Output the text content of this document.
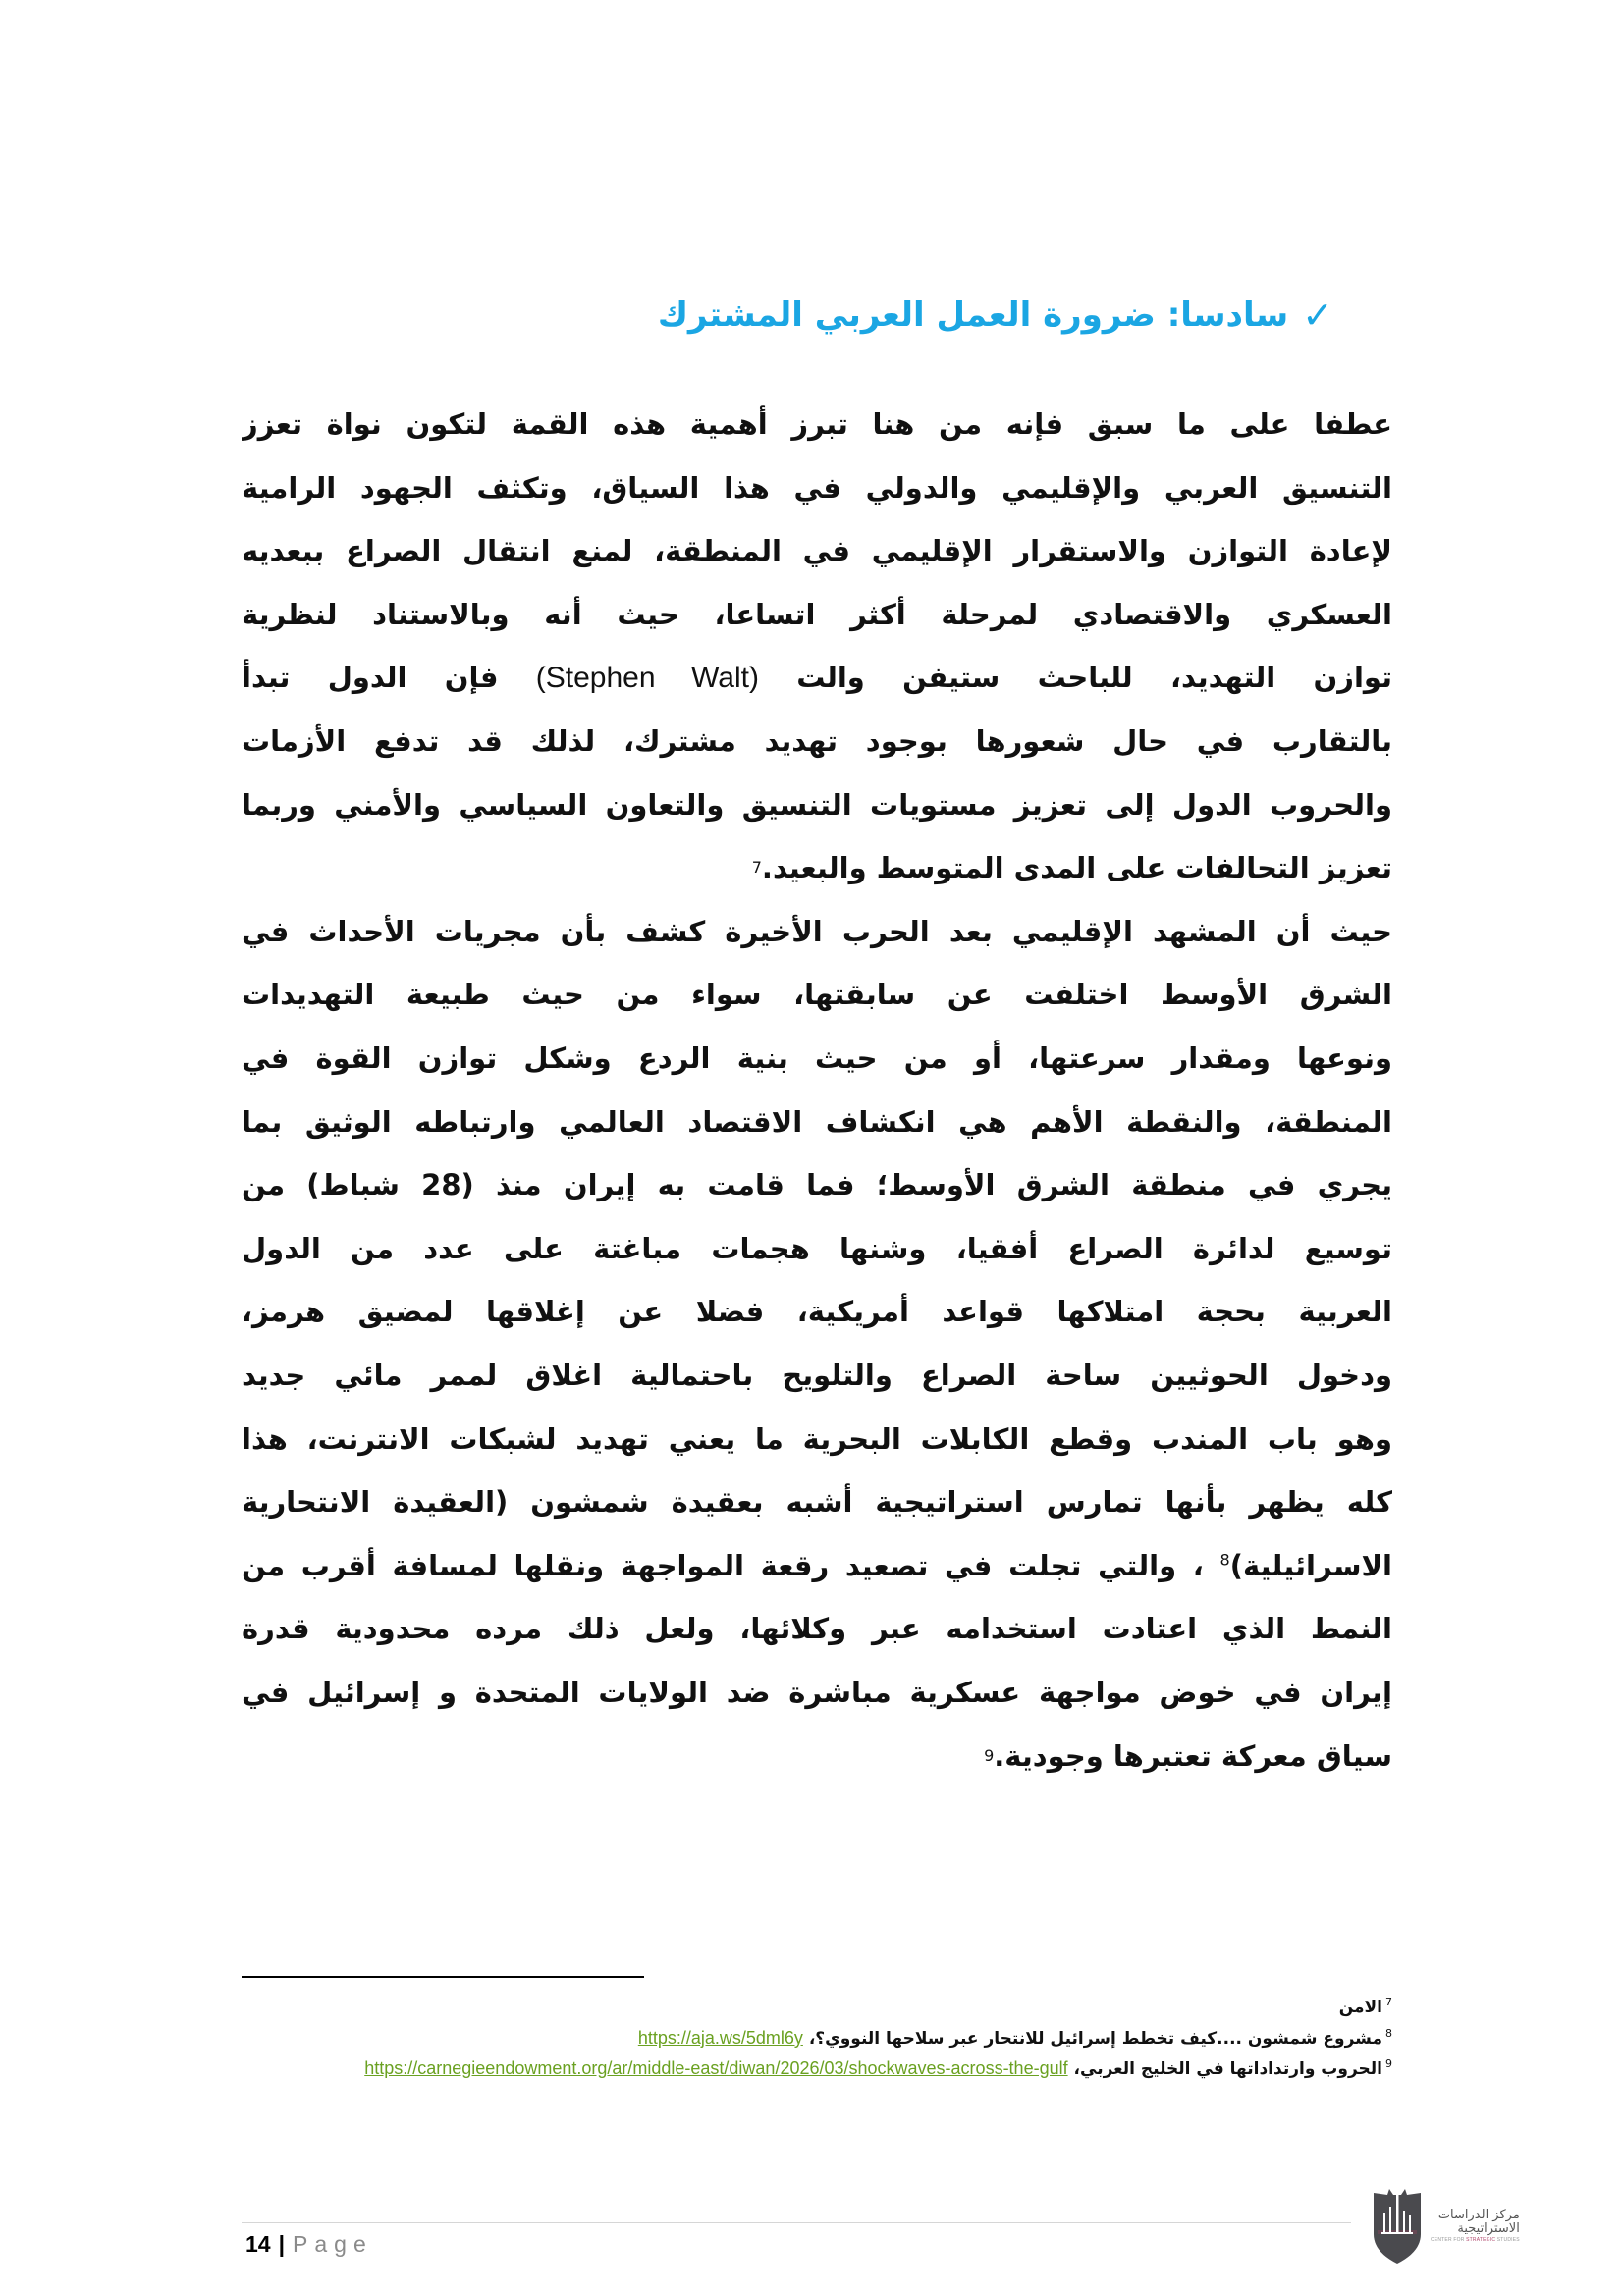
✓
سادسا: ضرورة العمل العربي المشترك
عطفا على ما سبق فإنه من هنا تبرز أهمية هذه القمة لتكون نواة تعزز
التنسيق العربي والإقليمي والدولي في هذا السياق، وتكثف الجهود الرامية
لإعادة التوازن والاستقرار الإقليمي في المنطقة، لمنع انتقال الصراع ببعديه
العسكري والاقتصادي لمرحلة أكثر اتساعا، حيث أنه وبالاستناد لنظرية
توازن التهديد، للباحث ستيفن والت (Stephen Walt) فإن الدول تبدأ
بالتقارب في حال شعورها بوجود تهديد مشترك، لذلك قد تدفع الأزمات
والحروب الدول إلى تعزيز مستويات التنسيق والتعاون السياسي والأمني وربما
تعزيز التحالفات على المدى المتوسط والبعيد.
7
حيث أن المشهد الإقليمي بعد الحرب الأخيرة كشف بأن مجريات الأحداث في
الشرق الأوسط اختلفت عن سابقتها، سواء من حيث طبيعة التهديدات
ونوعها ومقدار سرعتها، أو من حيث بنية الردع وشكل توازن القوة في
المنطقة، والنقطة الأهم هي انكشاف الاقتصاد العالمي وارتباطه الوثيق بما
يجري في منطقة الشرق الأوسط؛ فما قامت به إيران منذ (28 شباط) من
توسيع لدائرة الصراع أفقيا، وشنها هجمات مباغتة على عدد من الدول
العربية بحجة امتلاكها قواعد أمريكية، فضلا عن إغلاقها لمضيق هرمز،
ودخول الحوثيين ساحة الصراع والتلويح باحتمالية اغلاق لممر مائي جديد
وهو باب المندب وقطع الكابلات البحرية ما يعني تهديد لشبكات الانترنت، هذا
كله يظهر بأنها تمارس استراتيجية أشبه بعقيدة شمشون (العقيدة الانتحارية
الاسرائيلية)$^8$ ، والتي تجلت في تصعيد رقعة المواجهة ونقلها لمسافة أقرب من
النمط الذي اعتادت استخدامه عبر وكلائها، ولعل ذلك مرده محدودية قدرة
إيران في خوض مواجهة عسكرية مباشرة ضد الولايات المتحدة و إسرائيل في
سياق معركة تعتبرها وجودية.
9
$^7$الامن
$^8$مشروع شمشون ....كيف تخطط إسرائيل للانتحار عبر سلاحها النووي؟، https://aja.ws/5dml6y
$^9$الحروب وارتداداتها في الخليج العربي، https://carnegieendowment.org/ar/middle-east/diwan/2026/03/shockwaves-across-the-gulf
14 | Page
مركز الدراسات
الاستراتيجية
CENTER FOR STRATEGIC STUDIES
